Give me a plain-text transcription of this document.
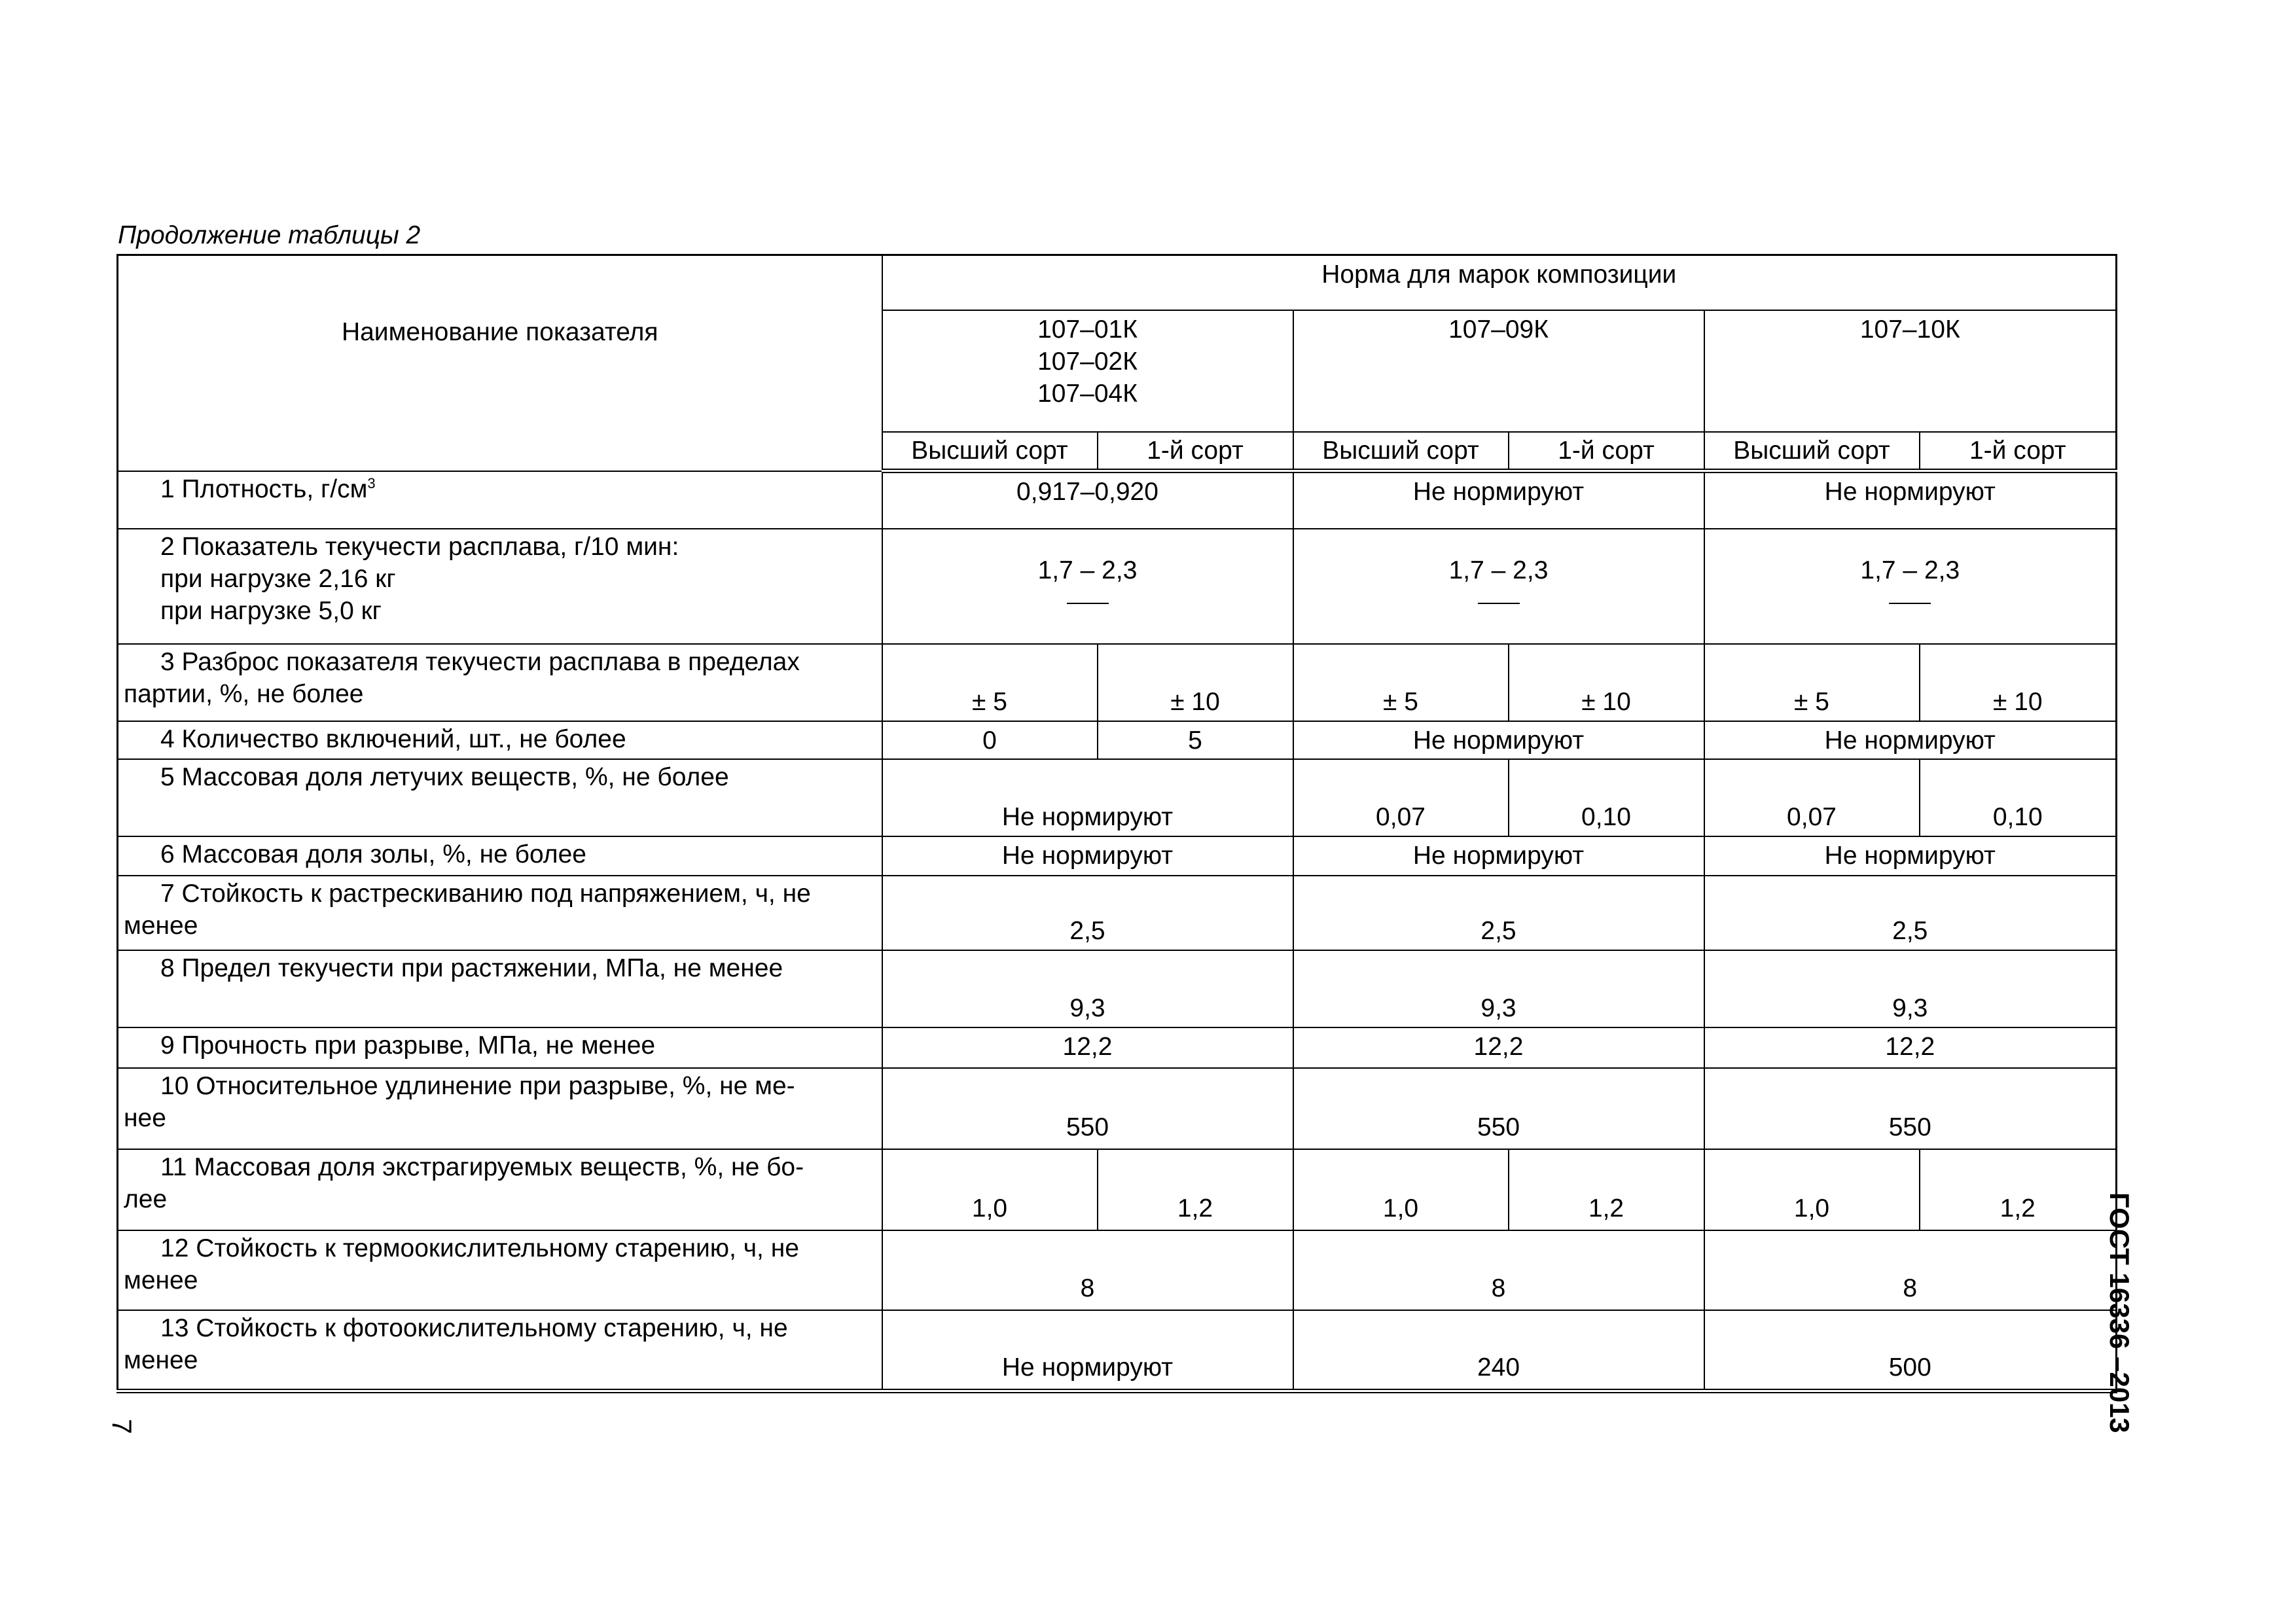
Продолжение таблицы 2
Наименование показателя	Норма для марок композиции					

	107–01К
107–02К
107–04К		107–09К		107–10К	
	Высший сорт	1-й сорт	Высший сорт	1-й сорт	Высший сорт	1-й сорт
1 Плотность, $г/см^3$	0,917–0,920		Не нормируют		Не нормируют	
2 Показатель текучести расплава, г/10 мин:
при нагрузке 2,16 кг
при нагрузке 5,0 кг	1,7 – 2,3		1,7 – 2,3		1,7 – 2,3	

3 Разброс показателя текучести расплава в пределах
партии, %, не более	± 5	± 10	± 5	± 10	± 5	± 10
4 Количество включений, шт., не более	0	5	Не нормируют		Не нормируют	
5 Массовая доля летучих веществ, %, не более	Не нормируют		0,07	0,10	0,07	0,10
6 Массовая доля золы, %, не более	Не нормируют		Не нормируют		Не нормируют	
7 Стойкость к растрескиванию под напряжением, ч, не
менее	2,5		2,5		2,5	
8 Предел текучести при растяжении, МПа, не менее	9,3		9,3		9,3	
9 Прочность при разрыве, МПа, не менее	12,2		12,2		12,2	
10 Относительное удлинение при разрыве, %, не ме-
нее	550		550		550	
11 Массовая доля экстрагируемых веществ, %, не бо-
лее	1,0	1,2	1,0	1,2	1,0	1,2
12 Стойкость к термоокислительному старению, ч, не
менее	8		8		8	
13 Стойкость к фотоокислительному старению, ч, не
менее	Не нормируют		240		500	
7	ГОСТ 16336 –2013
